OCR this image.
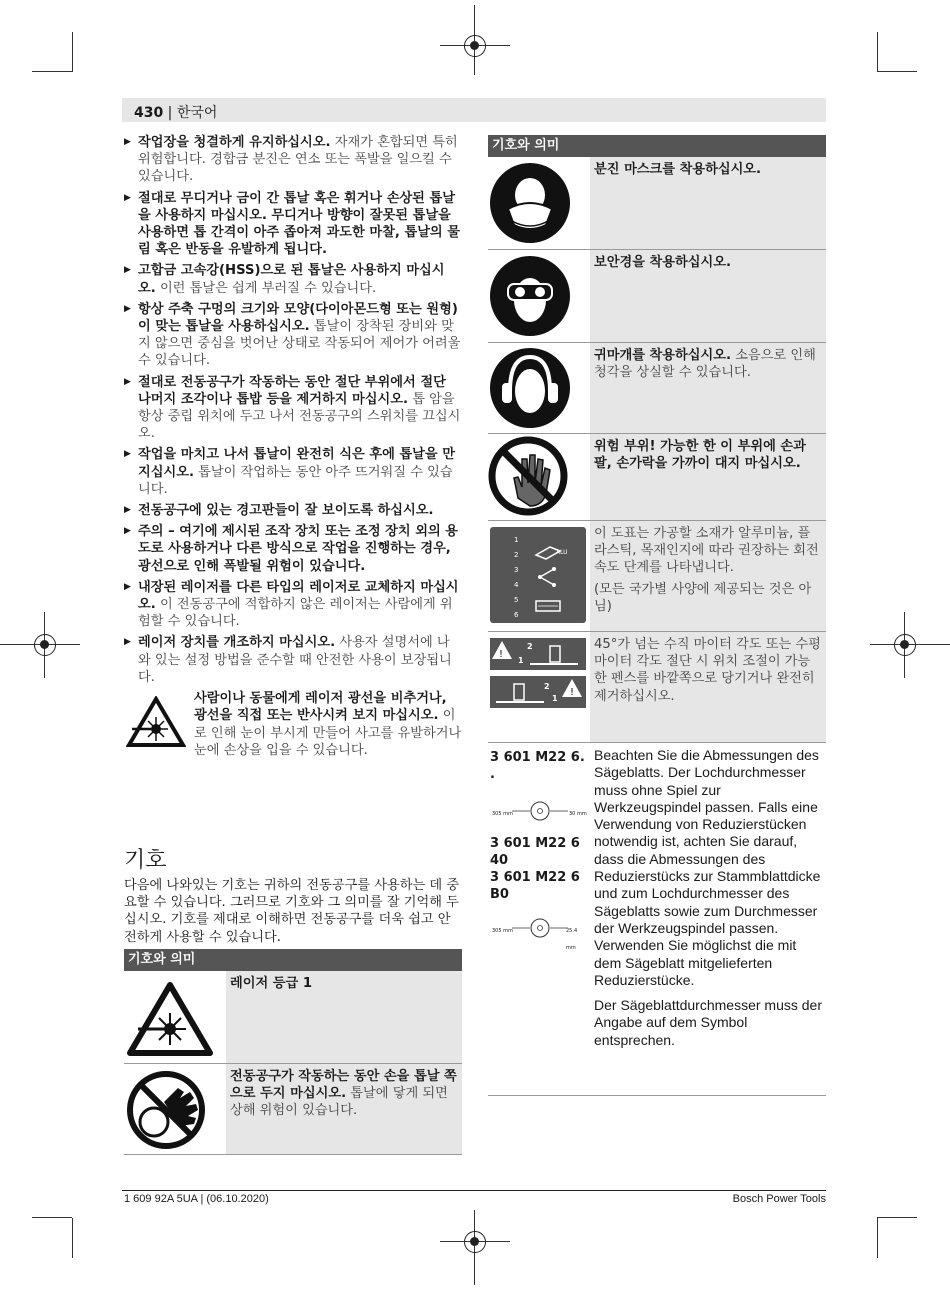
430 | 한국어
▶ 작업장을 청결하게 유지하십시오. 자재가 혼합되면 특히 위험합니다. 경합금 분진은 연소 또는 폭발을 일으킬 수 있습니다.
▶ 절대로 무디거나 금이 간 톱날 혹은 휘거나 손상된 톱날을 사용하지 마십시오. 무디거나 방향이 잘못된 톱날을 사용하면 톱 간격이 아주 좁아져 과도한 마찰, 톱날의 물림 혹은 반동을 유발하게 됩니다.
▶ 고합금 고속강(HSS)으로 된 톱날은 사용하지 마십시오. 이런 톱날은 쉽게 부러질 수 있습니다.
▶ 항상 주축 구멍의 크기와 모양(다이아몬드형 또는 원형)이 맞는 톱날을 사용하십시오. 톱날이 장착된 장비와 맞지 않으면 중심을 벗어난 상태로 작동되어 제어가 어려울 수 있습니다.
▶ 절대로 전동공구가 작동하는 동안 절단 부위에서 절단 나머지 조각이나 톱밥 등을 제거하지 마십시오. 톱 암을 항상 중립 위치에 두고 나서 전동공구의 스위치를 끄십시오.
▶ 작업을 마치고 나서 톱날이 완전히 식은 후에 톱날을 만지십시오. 톱날이 작업하는 동안 아주 뜨거워질 수 있습니다.
▶ 전동공구에 있는 경고판들이 잘 보이도록 하십시오.
▶ 주의 – 여기에 제시된 조작 장치 또는 조정 장치 외의 용도로 사용하거나 다른 방식으로 작업을 진행하는 경우, 광선으로 인해 폭발될 위험이 있습니다.
▶ 내장된 레이저를 다른 타입의 레이저로 교체하지 마십시오. 이 전동공구에 적합하지 않은 레이저는 사람에게 위험할 수 있습니다.
▶ 레이저 장치를 개조하지 마십시오. 사용자 설명서에 나와 있는 설정 방법을 준수할 때 안전한 사용이 보장됩니다.
사람이나 동물에게 레이저 광선을 비추거나, 광선을 직접 또는 반사시켜 보지 마십시오. 이로 인해 눈이 부시게 만들어 사고를 유발하거나 눈에 손상을 입을 수 있습니다.
기호
다음에 나와있는 기호는 귀하의 전동공구를 사용하는 데 중요할 수 있습니다. 그러므로 기호와 그 의미를 잘 기억해 두십시오. 기호를 제대로 이해하면 전동공구를 더욱 쉽고 안전하게 사용할 수 있습니다.
기호와 의미
레이저 등급 1
전동공구가 작동하는 동안 손을 톱날 쪽으로 두지 마십시오. 톱날에 닿게 되면 상해 위험이 있습니다.
기호와 의미
분진 마스크를 착용하십시오.
보안경을 착용하십시오.
귀마개를 착용하십시오. 소음으로 인해 청각을 상실할 수 있습니다.
위험 부위! 가능한 한 이 부위에 손과 팔, 손가락을 가까이 대지 마십시오.
1
2
3
4
5
6
ALU
이 도표는 가공할 소재가 알루미늄, 플라스틱, 목재인지에 따라 권장하는 회전속도 단계를 나타냅니다.
(모든 국가별 사양에 제공되는 것은 아님)
!
2
1
!
2
1
45°가 넘는 수직 마이터 각도 또는 수평 마이터 각도 절단 시 위치 조절이 가능한 펜스를 바깥쪽으로 당기거나 완전히 제거하십시오.
3 601 M22 6. .
305 mm	30 mm
3 601 M22 6 40
3 601 M22 6 B0
305 mm	25.4 mm
Beachten Sie die Abmessungen des Sägeblatts. Der Lochdurchmesser muss ohne Spiel zur Werkzeugspindel passen. Falls eine Verwendung von Reduzierstücken notwendig ist, achten Sie darauf, dass die Abmessungen des Reduzierstücks zur Stammblattdicke und zum Lochdurchmesser des Sägeblatts sowie zum Durchmesser der Werkzeugspindel passen. Verwenden Sie möglichst die mit dem Sägeblatt mitgelieferten Reduzierstücke.
Der Sägeblattdurchmesser muss der Angabe auf dem Symbol entsprechen.
1 609 92A 5UA | (06.10.2020)	Bosch Power Tools
